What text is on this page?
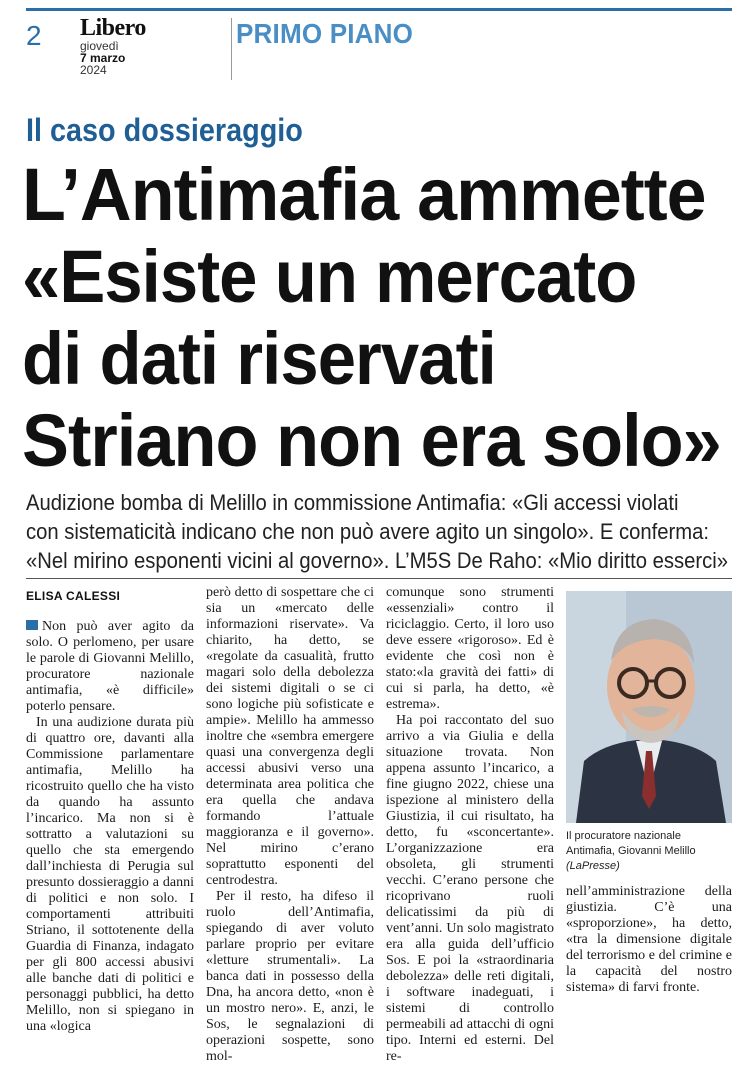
2 Libero
giovedì
7 marzo
2024
PRIMO PIANO
Il caso dossieraggio
L’Antimafia ammette
«Esiste un mercato
di dati riservati
Striano non era solo»
Audizione bomba di Melillo in commissione Antimafia: «Gli accessi violati
con sistematicità indicano che non può avere agito un singolo». E conferma:
«Nel mirino esponenti vicini al governo». L’M5S De Raho: «Mio diritto esserci»
ELISA CALESSI

Non può aver agito da solo. O perlomeno, per usare le parole di Giovanni Melillo, procuratore nazionale antimafia, «è difficile» poterlo pensare.

In una audizione durata più di quattro ore, davanti alla Commissione parlamentare antimafia, Melillo ha ricostruito quello che ha visto da quando ha assunto l’incarico. Ma non si è sottratto a valutazioni su quello che sta emergendo dall’inchiesta di Perugia sul presunto dossieraggio a danni di politici e non solo. I comportamenti attribuiti Striano, il sottotenente della Guardia di Finanza, indagato per gli 800 accessi abusivi alle banche dati di politici e personaggi pubblici, ha detto Melillo, non si spiegano in una «logica

però detto di sospettare che ci sia un «mercato delle informazioni riservate». Va chiarito, ha detto, se «regolate da casualità, frutto magari solo della debolezza dei sistemi digitali o se ci sono logiche più sofisticate e ampie». Melillo ha ammesso inoltre che «sembra emergere quasi una convergenza degli accessi abusivi verso una determinata area politica che era quella che andava formando l’attuale maggioranza e il governo». Nel mirino c’erano soprattutto esponenti del centrodestra.

Per il resto, ha difeso il ruolo dell’Antimafia, spiegando di aver voluto parlare proprio per evitare «letture strumentali». La banca dati in possesso della Dna, ha ancora detto, «non è un mostro nero». E, anzi, le Sos, le segnalazioni di operazioni sospette, sono mol-

comunque sono strumenti «essenziali» contro il riciclaggio. Certo, il loro uso deve essere «rigoroso». Ed è evidente che così non è stato:«la gravità dei fatti» di cui si parla, ha detto, «è estrema».

Ha poi raccontato del suo arrivo a via Giulia e della situazione trovata. Non appena assunto l’incarico, a fine giugno 2022, chiese una ispezione al ministero della Giustizia, il cui risultato, ha detto, fu «sconcertante». L’organizzazione era obsoleta, gli strumenti vecchi. C’erano persone che ricoprivano ruoli delicatissimi da più di vent’anni. Un solo magistrato era alla guida dell’ufficio Sos. E poi la «straordinaria debolezza» delle reti digitali, i software inadeguati, i sistemi di controllo permeabili ad attacchi di ogni tipo. Interni ed esterni. Del re-

Il procuratore nazionale Antimafia, Giovanni Melillo (LaPresse)

nell’amministrazione della giustizia. C’è una «sproporzione», ha detto, «tra la dimensione digitale del terrorismo e del crimine e la capacità del nostro sistema» di farvi fronte.
